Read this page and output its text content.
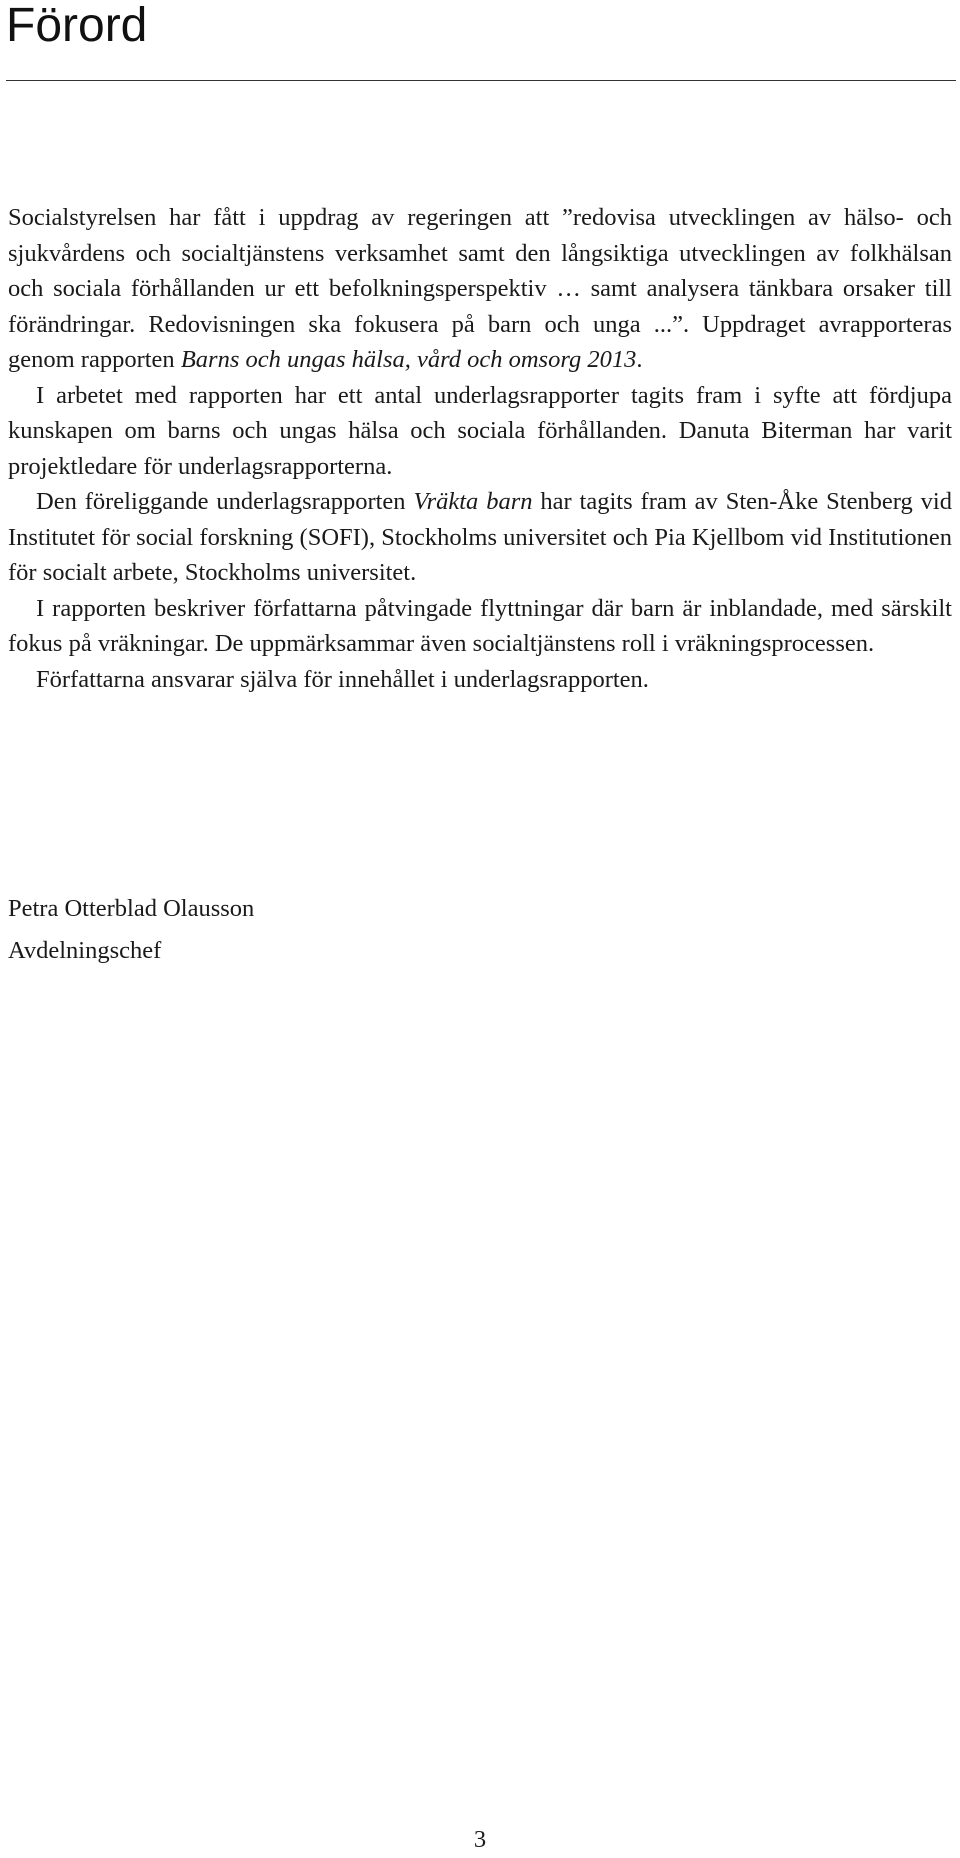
Förord

Socialstyrelsen har fått i uppdrag av regeringen att ”redovisa utvecklingen av hälso- och sjukvårdens och socialtjänstens verksamhet samt den långsiktiga utvecklingen av folkhälsan och sociala förhållanden ur ett befolkningsperspektiv … samt analysera tänkbara orsaker till förändringar. Redovisningen ska fokusera på barn och unga ...”. Uppdraget avrapporteras genom rapporten Barns och ungas hälsa, vård och omsorg 2013.

I arbetet med rapporten har ett antal underlagsrapporter tagits fram i syfte att fördjupa kunskapen om barns och ungas hälsa och sociala förhållanden. Danuta Biterman har varit projektledare för underlagsrapporterna.

Den föreliggande underlagsrapporten Vräkta barn har tagits fram av Sten-Åke Stenberg vid Institutet för social forskning (SOFI), Stockholms universitet och Pia Kjellbom vid Institutionen för socialt arbete, Stockholms universitet.

I rapporten beskriver författarna påtvingade flyttningar där barn är inblandade, med särskilt fokus på vräkningar. De uppmärksammar även socialtjänstens roll i vräkningsprocessen.

Författarna ansvarar själva för innehållet i underlagsrapporten.

Petra Otterblad Olausson
Avdelningschef
3
